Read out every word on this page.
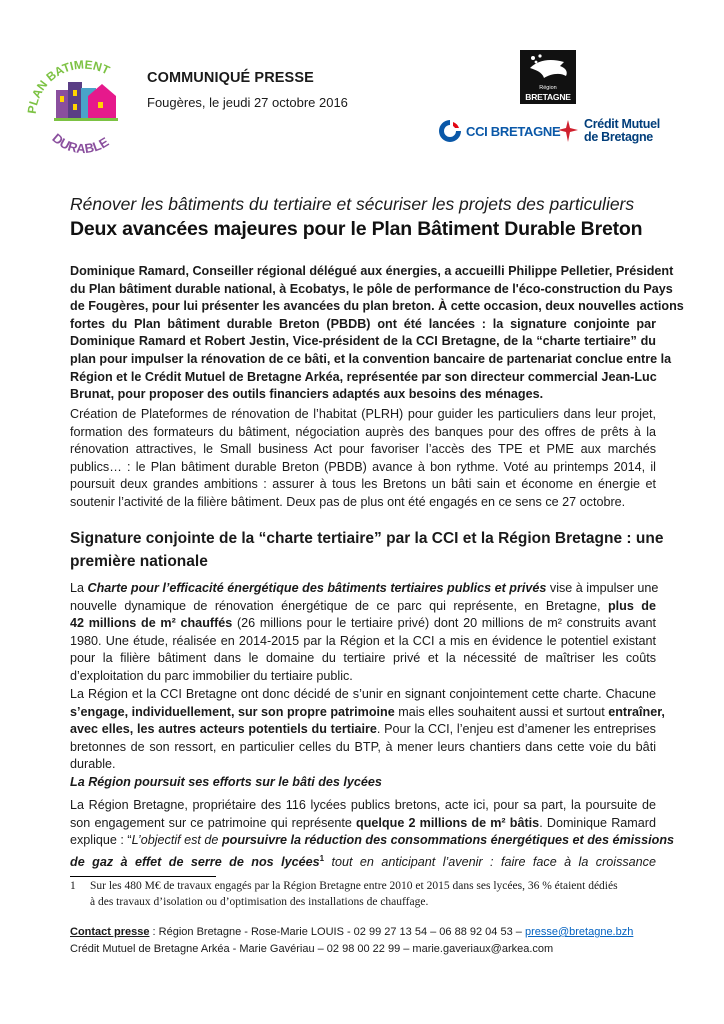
PLAN BATIMENT
DURABLE
COMMUNIQUÉ PRESSE
Fougères, le jeudi 27 octobre 2016
Région
BRETAGNE
CCI BRETAGNE Crédit Mutuel
de Bretagne
Rénover les bâtiments du tertiaire et sécuriser les projets des particuliers
Deux avancées majeures pour le Plan Bâtiment Durable Breton
Dominique Ramard, Conseiller régional délégué aux énergies, a accueilli Philippe Pelletier, Président
du Plan bâtiment durable national, à Ecobatys, le pôle de performance de l'éco-construction du Pays
de Fougères, pour lui présenter les avancées du plan breton. À cette occasion, deux nouvelles actions
fortes du Plan bâtiment durable Breton (PBDB) ont été lancées : la signature conjointe par
Dominique Ramard et Robert Jestin, Vice-président de la CCI Bretagne, de la “charte tertiaire” du
plan pour impulser la rénovation de ce bâti, et la convention bancaire de partenariat conclue entre la
Région et le Crédit Mutuel de Bretagne Arkéa, représentée par son directeur commercial Jean-Luc
Brunat, pour proposer des outils financiers adaptés aux besoins des ménages.
Création de Plateformes de rénovation de l’habitat (PLRH) pour guider les particuliers dans leur projet,
formation des formateurs du bâtiment, négociation auprès des banques pour des offres de prêts à la
rénovation attractives, le Small business Act pour favoriser l’accès des TPE et PME aux marchés
publics… : le Plan bâtiment durable Breton (PBDB) avance à bon rythme. Voté au printemps 2014, il
poursuit deux grandes ambitions : assurer à tous les Bretons un bâti sain et économe en énergie et
soutenir l’activité de la filière bâtiment. Deux pas de plus ont été engagés en ce sens ce 27 octobre.
Signature conjointe de la “charte tertiaire” par la CCI et la Région Bretagne : une
première nationale
La Charte pour l’efficacité énergétique des bâtiments tertiaires publics et privés vise à impulser une
nouvelle dynamique de rénovation énergétique de ce parc qui représente, en Bretagne, plus de
42 millions de m² chauffés (26 millions pour le tertiaire privé) dont 20 millions de m² construits avant
1980. Une étude, réalisée en 2014-2015 par la Région et la CCI a mis en évidence le potentiel existant
pour la filière bâtiment dans le domaine du tertiaire privé et la nécessité de maîtriser les coûts
d’exploitation du parc immobilier du tertiaire public.
La Région et la CCI Bretagne ont donc décidé de s’unir en signant conjointement cette charte. Chacune
s’engage, individuellement, sur son propre patrimoine mais elles souhaitent aussi et surtout entraîner,
avec elles, les autres acteurs potentiels du tertiaire. Pour la CCI, l’enjeu est d’amener les entreprises
bretonnes de son ressort, en particulier celles du BTP, à mener leurs chantiers dans cette voie du bâti
durable.
La Région poursuit ses efforts sur le bâti des lycées
La Région Bretagne, propriétaire des 116 lycées publics bretons, acte ici, pour sa part, la poursuite de
son engagement sur ce patrimoine qui représente quelque 2 millions de m² bâtis. Dominique Ramard
explique : “L’objectif est de poursuivre la réduction des consommations énergétiques et des émissions
de gaz à effet de serre de nos lycées$^1$ tout en anticipant l’avenir : faire face à la croissance
1 Sur les 480 M€ de travaux engagés par la Région Bretagne entre 2010 et 2015 dans ses lycées, 36 % étaient dédiés
à des travaux d’isolation ou d’optimisation des installations de chauffage.
Contact presse : Région Bretagne - Rose-Marie LOUIS - 02 99 27 13 54 – 06 88 92 04 53 – presse@bretagne.bzh
Crédit Mutuel de Bretagne Arkéa - Marie Gavériau – 02 98 00 22 99 – marie.gaveriaux@arkea.com
